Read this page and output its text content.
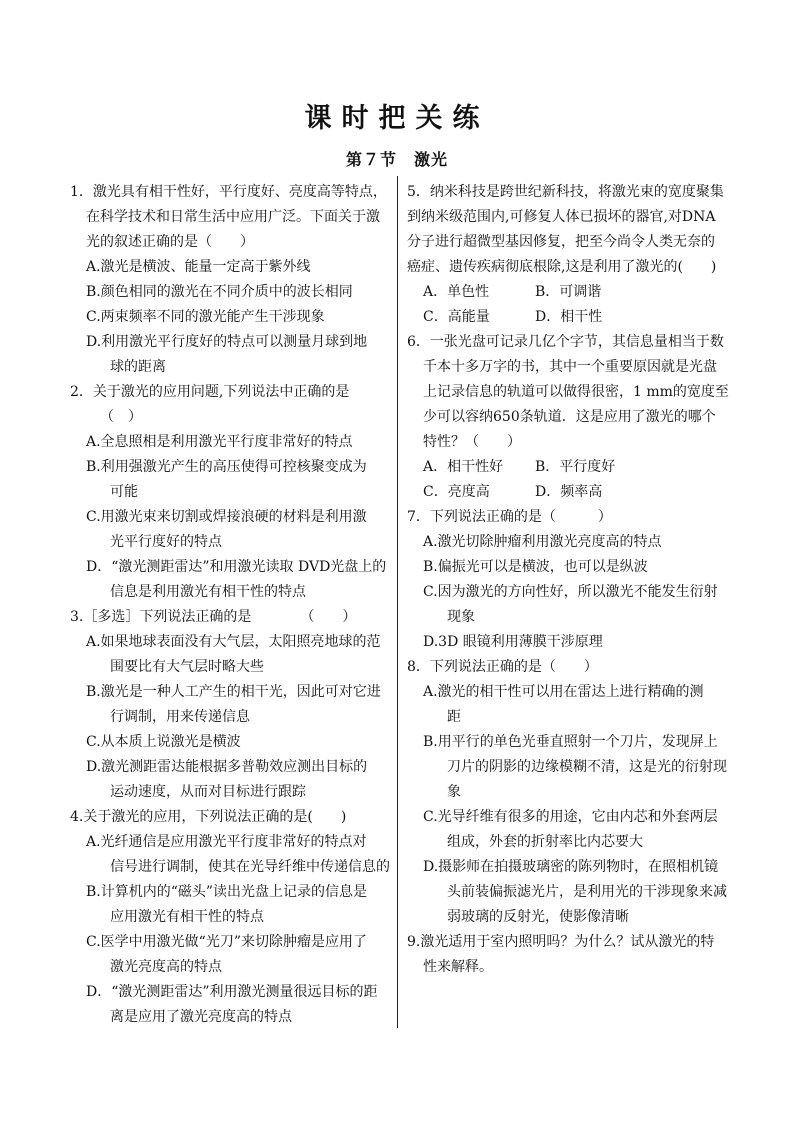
课时把关练
第７节　激光
1．激光具有相干性好，平行度好、亮度高等特点，
在科学技术和日常生活中应用广泛。下面关于激
光的叙述正确的是（　　）
A.激光是横波、能量一定高于紫外线
B.颜色相同的激光在不同介质中的波长相同
C.两束频率不同的激光能产生干涉现象
D.利用激光平行度好的特点可以测量月球到地
球的距离
2．关于激光的应用问题,下列说法中正确的是
（　）
A.全息照相是利用激光平行度非常好的特点
B.利用强激光产生的高压使得可控核聚变成为
可能
C.用激光束来切割或焊接浪硬的材料是利用激
光平行度好的特点
D．“激光测距雷达”和用激光读取 DVD光盘上的
信息是利用激光有相干性的特点
3.［多选］下列说法正确的是　　　　（　　）
A.如果地球表面没有大气层，太阳照亮地球的范
围要比有大气层时略大些
B.激光是一种人工产生的相干光，因此可对它进
行调制，用来传递信息
C.从本质上说激光是横波
D.激光测距雷达能根据多普勒效应测出目标的
运动速度，从而对目标进行跟踪
4.关于激光的应用，下列说法正确的是(　　)
A.光纤通信是应用激光平行度非常好的特点对
信号进行调制，使其在光导纤维中传递信息的
B.计算机内的“磁头”读出光盘上记录的信息是
应用激光有相干性的特点
C.医学中用激光做“光刀”来切除肿瘤是应用了
激光亮度高的特点
D．“激光测距雷达”利用激光测量很远目标的距
离是应用了激光亮度高的特点
5．纳米科技是跨世纪新科技，将激光束的宽度聚集
到纳米级范围内,可修复人体已损坏的器官,对DNA
分子进行超微型基因修复，把至今尚令人类无奈的
癌症、遗传疾病彻底根除,这是利用了激光的(　　)
A．单色性	B．可调谐
C．高能量	D．相干性
6．一张光盘可记录几亿个字节，其信息量相当于数
千本十多万字的书，其中一个重要原因就是光盘
上记录信息的轨道可以做得很密，1 mm的宽度至
少可以容纳650条轨道．这是应用了激光的哪个
特性？（　　）
A．相干性好	B．平行度好
C．亮度高	D．频率高
7．下列说法正确的是（　　　）
A.激光切除肿瘤利用激光亮度高的特点
B.偏振光可以是横波，也可以是纵波
C.因为激光的方向性好，所以激光不能发生衍射
现象
D.3D 眼镜利用薄膜干涉原理
8．下列说法正确的是（　　）
A.激光的相干性可以用在雷达上进行精确的测
距
B.用平行的单色光垂直照射一个刀片，发现屏上
刀片的阴影的边缘模糊不清，这是光的衍射现
象
C.光导纤维有很多的用途，它由内芯和外套两层
组成，外套的折射率比内芯要大
D.摄影师在拍摄玻璃密的陈列物时，在照相机镜
头前装偏振滤光片，是利用光的干涉现象来减
弱玻璃的反射光，使影像清晰
9.激光适用于室内照明吗？为什么？试从激光的特
性来解释。
